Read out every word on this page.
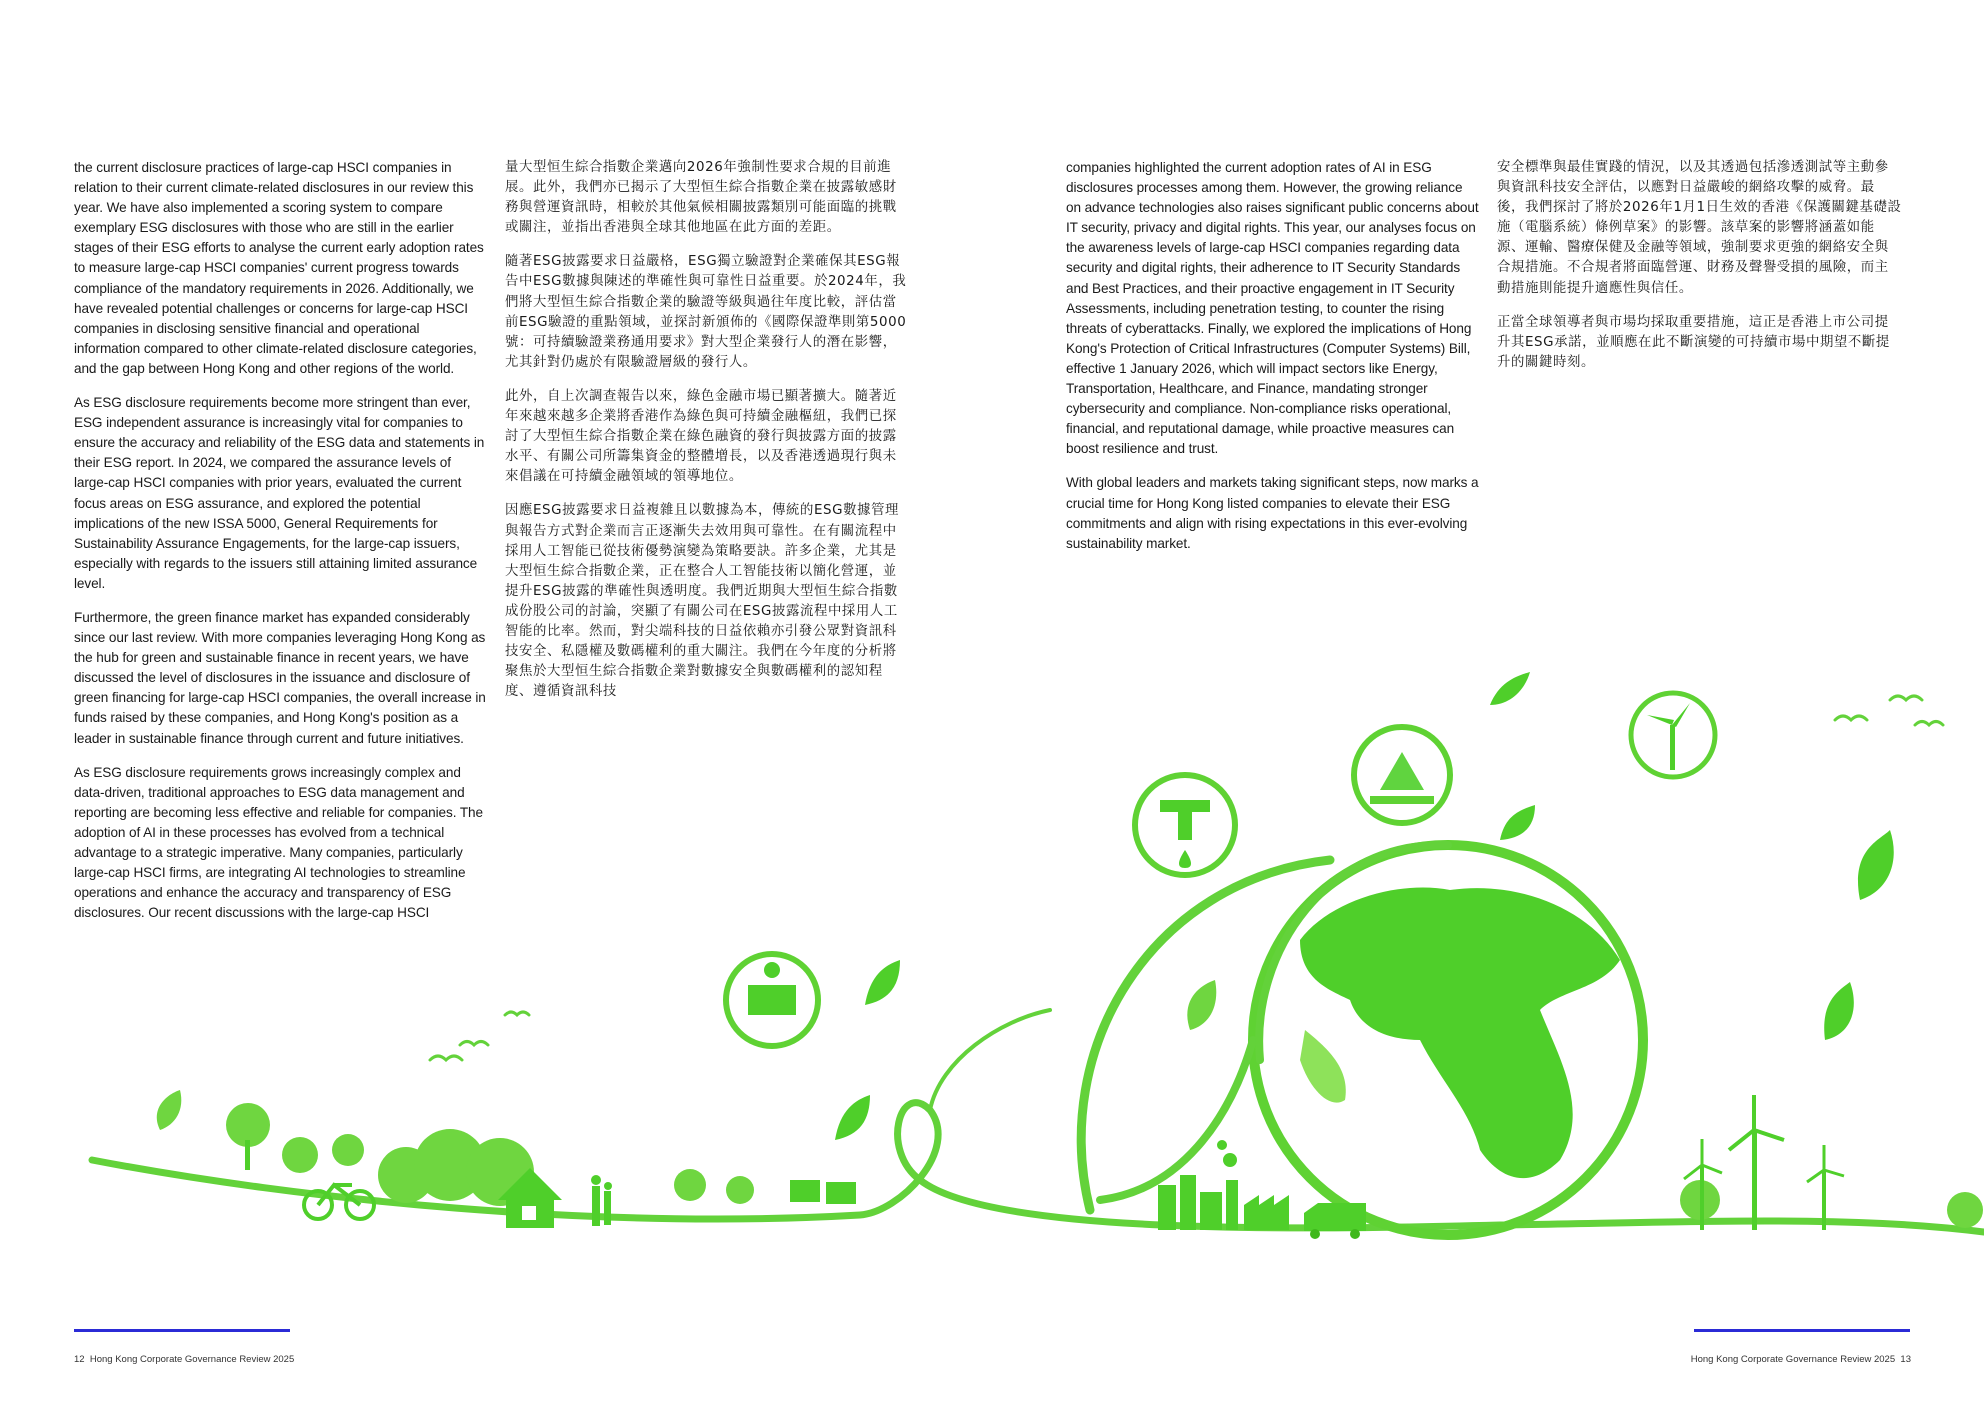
the current disclosure practices of large-cap HSCI companies in relation to their current climate-related disclosures in our review this year. We have also implemented a scoring system to compare exemplary ESG disclosures with those who are still in the earlier stages of their ESG efforts to analyse the current early adoption rates to measure large-cap HSCI companies' current progress towards compliance of the mandatory requirements in 2026. Additionally, we have revealed potential challenges or concerns for large-cap HSCI companies in disclosing sensitive financial and operational information compared to other climate-related disclosure categories, and the gap between Hong Kong and other regions of the world.

As ESG disclosure requirements become more stringent than ever, ESG independent assurance is increasingly vital for companies to ensure the accuracy and reliability of the ESG data and statements in their ESG report. In 2024, we compared the assurance levels of large-cap HSCI companies with prior years, evaluated the current focus areas on ESG assurance, and explored the potential implications of the new ISSA 5000, General Requirements for Sustainability Assurance Engagements, for the large-cap issuers, especially with regards to the issuers still attaining limited assurance level.

Furthermore, the green finance market has expanded considerably since our last review. With more companies leveraging Hong Kong as the hub for green and sustainable finance in recent years, we have discussed the level of disclosures in the issuance and disclosure of green financing for large-cap HSCI companies, the overall increase in funds raised by these companies, and Hong Kong's position as a leader in sustainable finance through current and future initiatives.

As ESG disclosure requirements grows increasingly complex and data-driven, traditional approaches to ESG data management and reporting are becoming less effective and reliable for companies. The adoption of AI in these processes has evolved from a technical advantage to a strategic imperative. Many companies, particularly large-cap HSCI firms, are integrating AI technologies to streamline operations and enhance the accuracy and transparency of ESG disclosures. Our recent discussions with the large-cap HSCI

量大型恒生綜合指數企業邁向2026年強制性要求合規的目前進展。此外，我們亦已揭示了大型恒生綜合指數企業在披露敏感財務與營運資訊時，相較於其他氣候相關披露類別可能面臨的挑戰或關注，並指出香港與全球其他地區在此方面的差距。

隨著ESG披露要求日益嚴格，ESG獨立驗證對企業確保其ESG報告中ESG數據與陳述的準確性與可靠性日益重要。於2024年，我們將大型恒生綜合指數企業的驗證等級與過往年度比較，評估當前ESG驗證的重點領域，並探討新頒佈的《國際保證準則第5000號：可持續驗證業務通用要求》對大型企業發行人的潛在影響，尤其針對仍處於有限驗證層級的發行人。

此外，自上次調查報告以來，綠色金融市場已顯著擴大。隨著近年來越來越多企業將香港作為綠色與可持續金融樞紐，我們已探討了大型恒生綜合指數企業在綠色融資的發行與披露方面的披露水平、有關公司所籌集資金的整體增長，以及香港透過現行與未來倡議在可持續金融領域的領導地位。

因應ESG披露要求日益複雜且以數據為本，傳統的ESG數據管理與報告方式對企業而言正逐漸失去效用與可靠性。在有關流程中採用人工智能已從技術優勢演變為策略要訣。許多企業，尤其是大型恒生綜合指數企業，正在整合人工智能技術以簡化營運，並提升ESG披露的準確性與透明度。我們近期與大型恒生綜合指數成份股公司的討論，突顯了有關公司在ESG披露流程中採用人工智能的比率。然而，對尖端科技的日益依賴亦引發公眾對資訊科技安全、私隱權及數碼權利的重大關注。我們在今年度的分析將聚焦於大型恒生綜合指數企業對數據安全與數碼權利的認知程度、遵循資訊科技

companies highlighted the current adoption rates of AI in ESG disclosures processes among them. However, the growing reliance on advance technologies also raises significant public concerns about IT security, privacy and digital rights. This year, our analyses focus on the awareness levels of large-cap HSCI companies regarding data security and digital rights, their adherence to IT Security Standards and Best Practices, and their proactive engagement in IT Security Assessments, including penetration testing, to counter the rising threats of cyberattacks. Finally, we explored the implications of Hong Kong's Protection of Critical Infrastructures (Computer Systems) Bill, effective 1 January 2026, which will impact sectors like Energy, Transportation, Healthcare, and Finance, mandating stronger cybersecurity and compliance. Non-compliance risks operational, financial, and reputational damage, while proactive measures can boost resilience and trust.

With global leaders and markets taking significant steps, now marks a crucial time for Hong Kong listed companies to elevate their ESG commitments and align with rising expectations in this ever-evolving sustainability market.

安全標準與最佳實踐的情況，以及其透過包括滲透測試等主動參與資訊科技安全評估，以應對日益嚴峻的網絡攻擊的威脅。最後，我們探討了將於2026年1月1日生效的香港《保護關鍵基礎設施（電腦系統）條例草案》的影響。該草案的影響將涵蓋如能源、運輸、醫療保健及金融等領域，強制要求更強的網絡安全與合規措施。不合規者將面臨營運、財務及聲譽受損的風險，而主動措施則能提升適應性與信任。

正當全球領導者與市場均採取重要措施，這正是香港上市公司提升其ESG承諾，並順應在此不斷演變的可持續市場中期望不斷提升的關鍵時刻。

12 Hong Kong Corporate Governance Review 2025	Hong Kong Corporate Governance Review 2025 13
